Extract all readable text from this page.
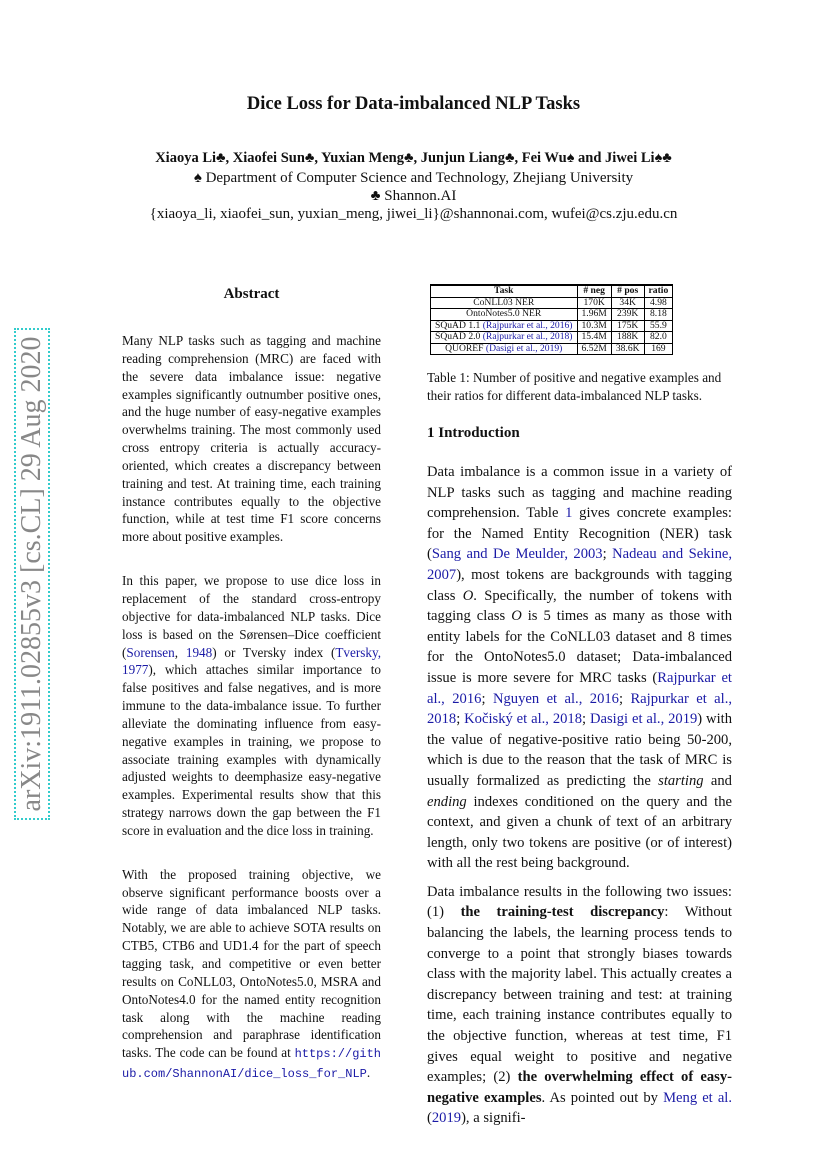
Dice Loss for Data-imbalanced NLP Tasks
Xiaoya Li♣, Xiaofei Sun♣, Yuxian Meng♣, Junjun Liang♣, Fei Wu♠ and Jiwei Li♠♣
♠ Department of Computer Science and Technology, Zhejiang University
♣ Shannon.AI
{xiaoya_li, xiaofei_sun, yuxian_meng, jiwei_li}@shannonai.com, wufei@cs.zju.edu.cn
arXiv:1911.02855v3 [cs.CL] 29 Aug 2020
Abstract
Many NLP tasks such as tagging and machine reading comprehension (MRC) are faced with the severe data imbalance issue: negative examples significantly outnumber positive ones, and the huge number of easy-negative examples overwhelms training. The most commonly used cross entropy criteria is actually accuracy-oriented, which creates a discrepancy between training and test. At training time, each training instance contributes equally to the objective function, while at test time F1 score concerns more about positive examples.
In this paper, we propose to use dice loss in replacement of the standard cross-entropy objective for data-imbalanced NLP tasks. Dice loss is based on the Sørensen–Dice coefficient (Sorensen, 1948) or Tversky index (Tversky, 1977), which attaches similar importance to false positives and false negatives, and is more immune to the data-imbalance issue. To further alleviate the dominating influence from easy-negative examples in training, we propose to associate training examples with dynamically adjusted weights to deemphasize easy-negative examples. Experimental results show that this strategy narrows down the gap between the F1 score in evaluation and the dice loss in training.
With the proposed training objective, we observe significant performance boosts over a wide range of data imbalanced NLP tasks. Notably, we are able to achieve SOTA results on CTB5, CTB6 and UD1.4 for the part of speech tagging task, and competitive or even better results on CoNLL03, OntoNotes5.0, MSRA and OntoNotes4.0 for the named entity recognition task along with the machine reading comprehension and paraphrase identification tasks. The code can be found at https://github.com/ShannonAI/dice_loss_for_NLP.
Task	# neg	# pos	ratio
CoNLL03 NER	170K	34K	4.98
OntoNotes5.0 NER	1.96M	239K	8.18
SQuAD 1.1 (Rajpurkar et al., 2016)	10.3M	175K	55.9
SQuAD 2.0 (Rajpurkar et al., 2018)	15.4M	188K	82.0
QUOREF (Dasigi et al., 2019)	6.52M	38.6K	169
Table 1: Number of positive and negative examples and their ratios for different data-imbalanced NLP tasks.
1 Introduction
Data imbalance is a common issue in a variety of NLP tasks such as tagging and machine reading comprehension. Table 1 gives concrete examples: for the Named Entity Recognition (NER) task (Sang and De Meulder, 2003; Nadeau and Sekine, 2007), most tokens are backgrounds with tagging class O. Specifically, the number of tokens with tagging class O is 5 times as many as those with entity labels for the CoNLL03 dataset and 8 times for the OntoNotes5.0 dataset; Data-imbalanced issue is more severe for MRC tasks (Rajpurkar et al., 2016; Nguyen et al., 2016; Rajpurkar et al., 2018; Kočiský et al., 2018; Dasigi et al., 2019) with the value of negative-positive ratio being 50-200, which is due to the reason that the task of MRC is usually formalized as predicting the starting and ending indexes conditioned on the query and the context, and given a chunk of text of an arbitrary length, only two tokens are positive (or of interest) with all the rest being background.
Data imbalance results in the following two issues: (1) the training-test discrepancy: Without balancing the labels, the learning process tends to converge to a point that strongly biases towards class with the majority label. This actually creates a discrepancy between training and test: at training time, each training instance contributes equally to the objective function, whereas at test time, F1 gives equal weight to positive and negative examples; (2) the overwhelming effect of easy-negative examples. As pointed out by Meng et al. (2019), a signifi-
